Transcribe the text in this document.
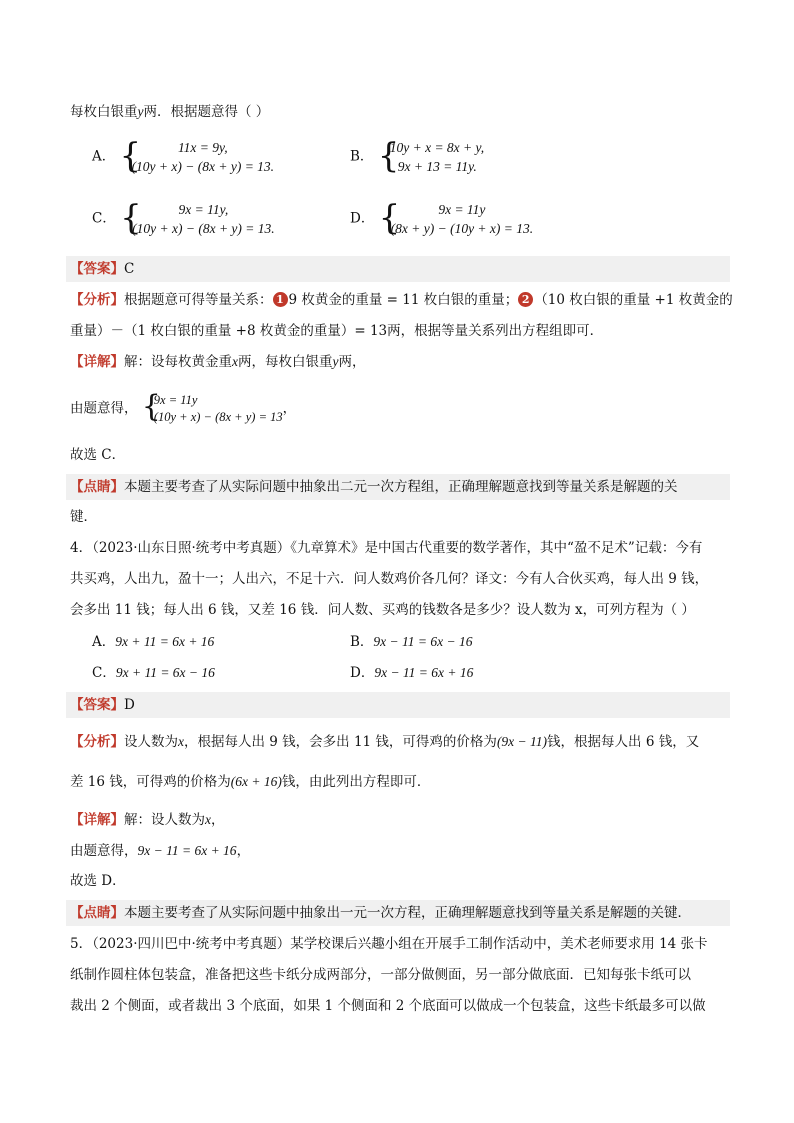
每枚白银重y两．根据题意得（ ）
A． {	11x = 9y,
(10y + x) − (8x + y) = 13.
B． {
10y + x = 8x + y,
9x + 13 = 11y.
C． {	9x = 11y,
(10y + x) − (8x + y) = 13.
D． {	9x = 11y
(8x + y) − (10y + x) = 13.
【答案】C
【分析】根据题意可得等量关系： 1 9 枚黄金的重量 = 11 枚白银的重量； 2 （10 枚白银的重量 +1 枚黄金的
重量）－（1 枚白银的重量 +8 枚黄金的重量）= 13两，根据等量关系列出方程组即可．
【详解】解：设每枚黄金重x两，每枚白银重y两，
由题意得， {
9x = 11y
(10y + x) − (8x + y) = 13
，
故选 C．
【点睛】本题主要考查了从实际问题中抽象出二元一次方程组，正确理解题意找到等量关系是解题的关
键．
4．（2023·山东日照·统考中考真题）《九章算术》是中国古代重要的数学著作，其中“盈不足术”记载：今有
共买鸡，人出九，盈十一；人出六，不足十六．问人数鸡价各几何？译文：今有人合伙买鸡，每人出 9 钱，
会多出 11 钱；每人出 6 钱，又差 16 钱．问人数、买鸡的钱数各是多少？设人数为 x，可列方程为（ ）
A．9x + 11 = 6x + 16	B．9x − 11 = 6x − 16
C．9x + 11 = 6x − 16	D．9x − 11 = 6x + 16
【答案】D
【分析】设人数为x，根据每人出 9 钱，会多出 11 钱，可得鸡的价格为(9x − 11)钱，根据每人出 6 钱，又
差 16 钱，可得鸡的价格为(6x + 16)钱，由此列出方程即可．
【详解】解：设人数为x，
由题意得，9x − 11 = 6x + 16，
故选 D．
【点睛】本题主要考查了从实际问题中抽象出一元一次方程，正确理解题意找到等量关系是解题的关键．
5．（2023·四川巴中·统考中考真题）某学校课后兴趣小组在开展手工制作活动中，美术老师要求用 14 张卡
纸制作圆柱体包装盒，准备把这些卡纸分成两部分，一部分做侧面，另一部分做底面．已知每张卡纸可以
裁出 2 个侧面，或者裁出 3 个底面，如果 1 个侧面和 2 个底面可以做成一个包装盒，这些卡纸最多可以做
